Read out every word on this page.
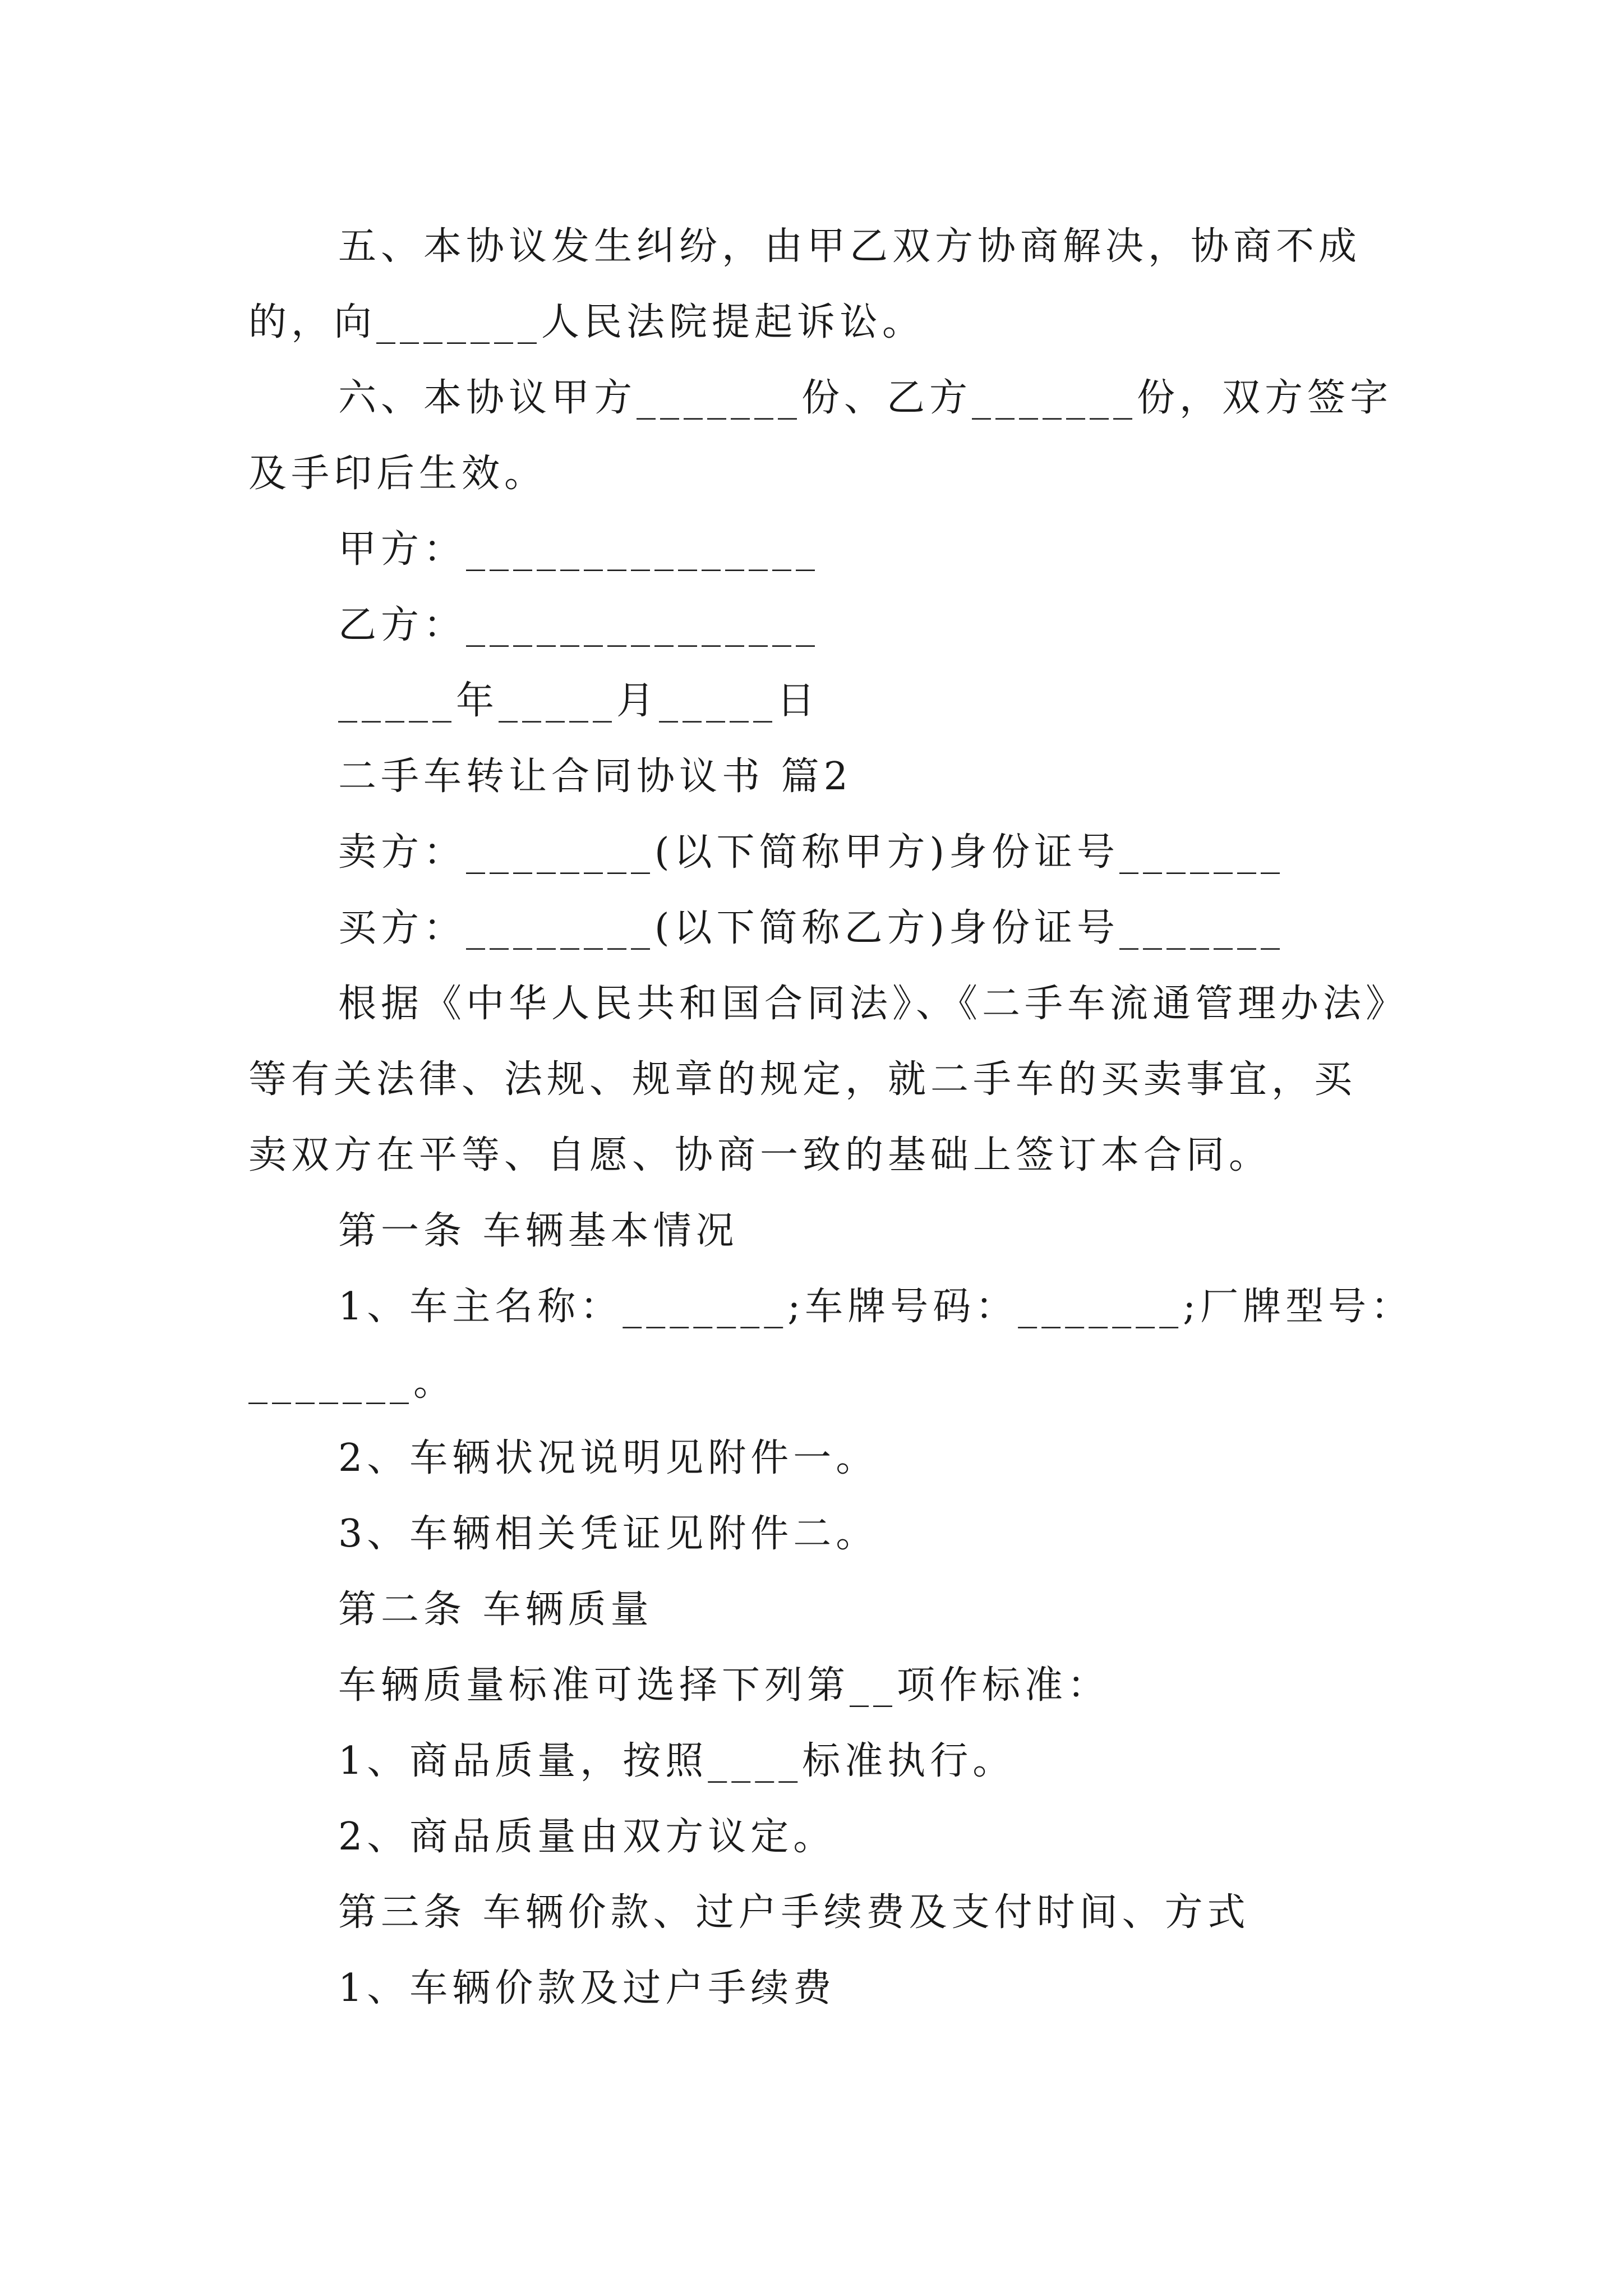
五、本协议发生纠纷，由甲乙双方协商解决，协商不成
的，向_______人民法院提起诉讼。
六、本协议甲方_______份、乙方_______份，双方签字
及手印后生效。
甲方：_______________
乙方：_______________
_____年_____月_____日
二手车转让合同协议书 篇2
卖方：________(以下简称甲方)身份证号_______
买方：________(以下简称乙方)身份证号_______
根据《中华人民共和国合同法》、《二手车流通管理办法》
等有关法律、法规、规章的规定，就二手车的买卖事宜，买
卖双方在平等、自愿、协商一致的基础上签订本合同。
第一条 车辆基本情况
1、车主名称：_______;车牌号码：_______;厂牌型号：
_______。
2、车辆状况说明见附件一。
3、车辆相关凭证见附件二。
第二条 车辆质量
车辆质量标准可选择下列第__项作标准：
1、商品质量，按照____标准执行。
2、商品质量由双方议定。
第三条 车辆价款、过户手续费及支付时间、方式
1、车辆价款及过户手续费
